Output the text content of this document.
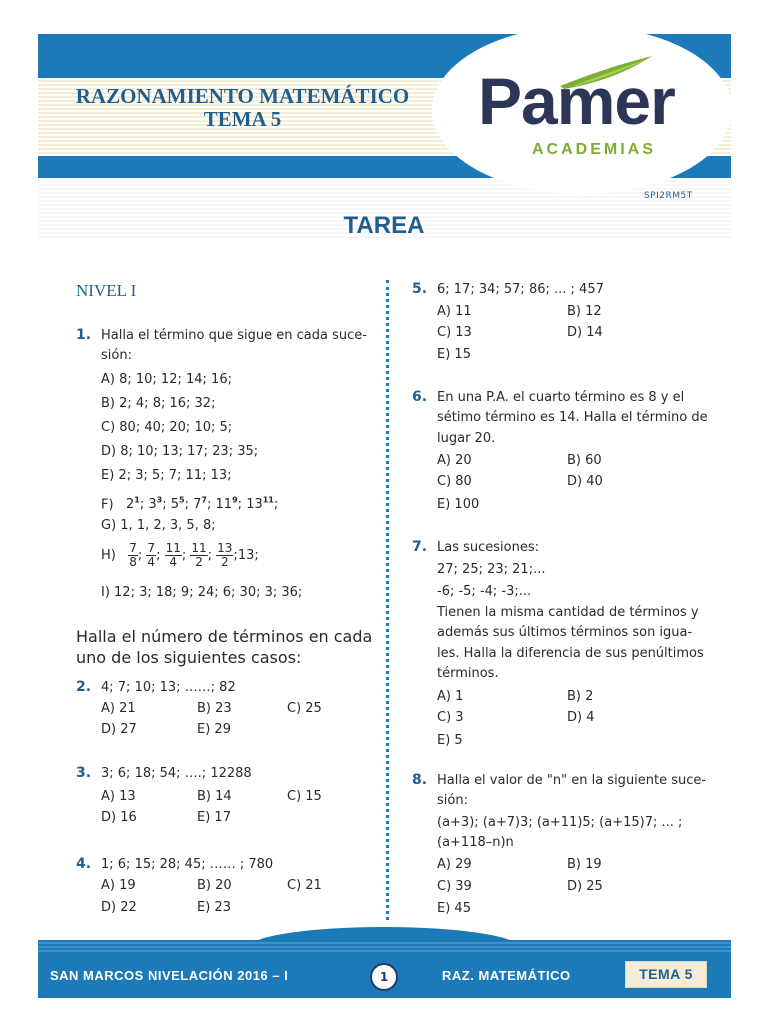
RAZONAMIENTO MATEMÁTICO
TEMA 5	Pamer
ACADEMIAS
SPI2RM5T
TAREA
NIVEL I
1. Halla el término que sigue en cada suce-
sión:
A) 8; 10; 12; 14; 16;
B) 2; 4; 8; 16; 32;
C) 80; 40; 20; 10; 5;
D) 8; 10; 13; 17; 23; 35;
E) 2; 3; 5; 7; 11; 13;
F) $2^1$; $3^3$; $5^5$; $7^7$; $11^9$; $13^{11}$;
G) 1, 1, 2, 3, 5, 8;
$H) \frac{7}{8}$ ; $\frac{7}{4}$ ; $\frac{11}{4}$ ; $\frac{11}{2}$ ; $\frac{13}{2}$ ;13;
I) 12; 3; 18; 9; 24; 6; 30; 3; 36;
Halla el número de términos en cada
uno de los siguientes casos:
2. 4; 7; 10; 13; ……; 82
A) 21	B) 23	C) 25
D) 27	E) 29
3. 3; 6; 18; 54; ….; 12288
A) 13	B) 14	C) 15
D) 16	E) 17
4. 1; 6; 15; 28; 45; …… ; 780
A) 19	B) 20	C) 21
D) 22	E) 23
5. 6; 17; 34; 57; 86; ... ; 457
A) 11	B) 12
C) 13	D) 14
E) 15
6. En una P.A. el cuarto término es 8 y el
sétimo término es 14. Halla el término de
lugar 20.
A) 20	B) 60
C) 80	D) 40
E) 100
7. Las sucesiones:
27; 25; 23; 21;...
-6; -5; -4; -3;...
Tienen la misma cantidad de términos y
además sus últimos términos son igua-
les. Halla la diferencia de sus penúltimos
términos.
A) 1	B) 2
C) 3	D) 4
E) 5
8. Halla el valor de "n" en la siguiente suce-
sión:
(a+3); (a+7)3; (a+11)5; (a+15)7; ... ;
(a+118–n)n
A) 29	B) 19
C) 39	D) 25
E) 45
SAN MARCOS NIVELACIÓN 2016 – I	1	RAZ. MATEMÁTICO	TEMA 5
